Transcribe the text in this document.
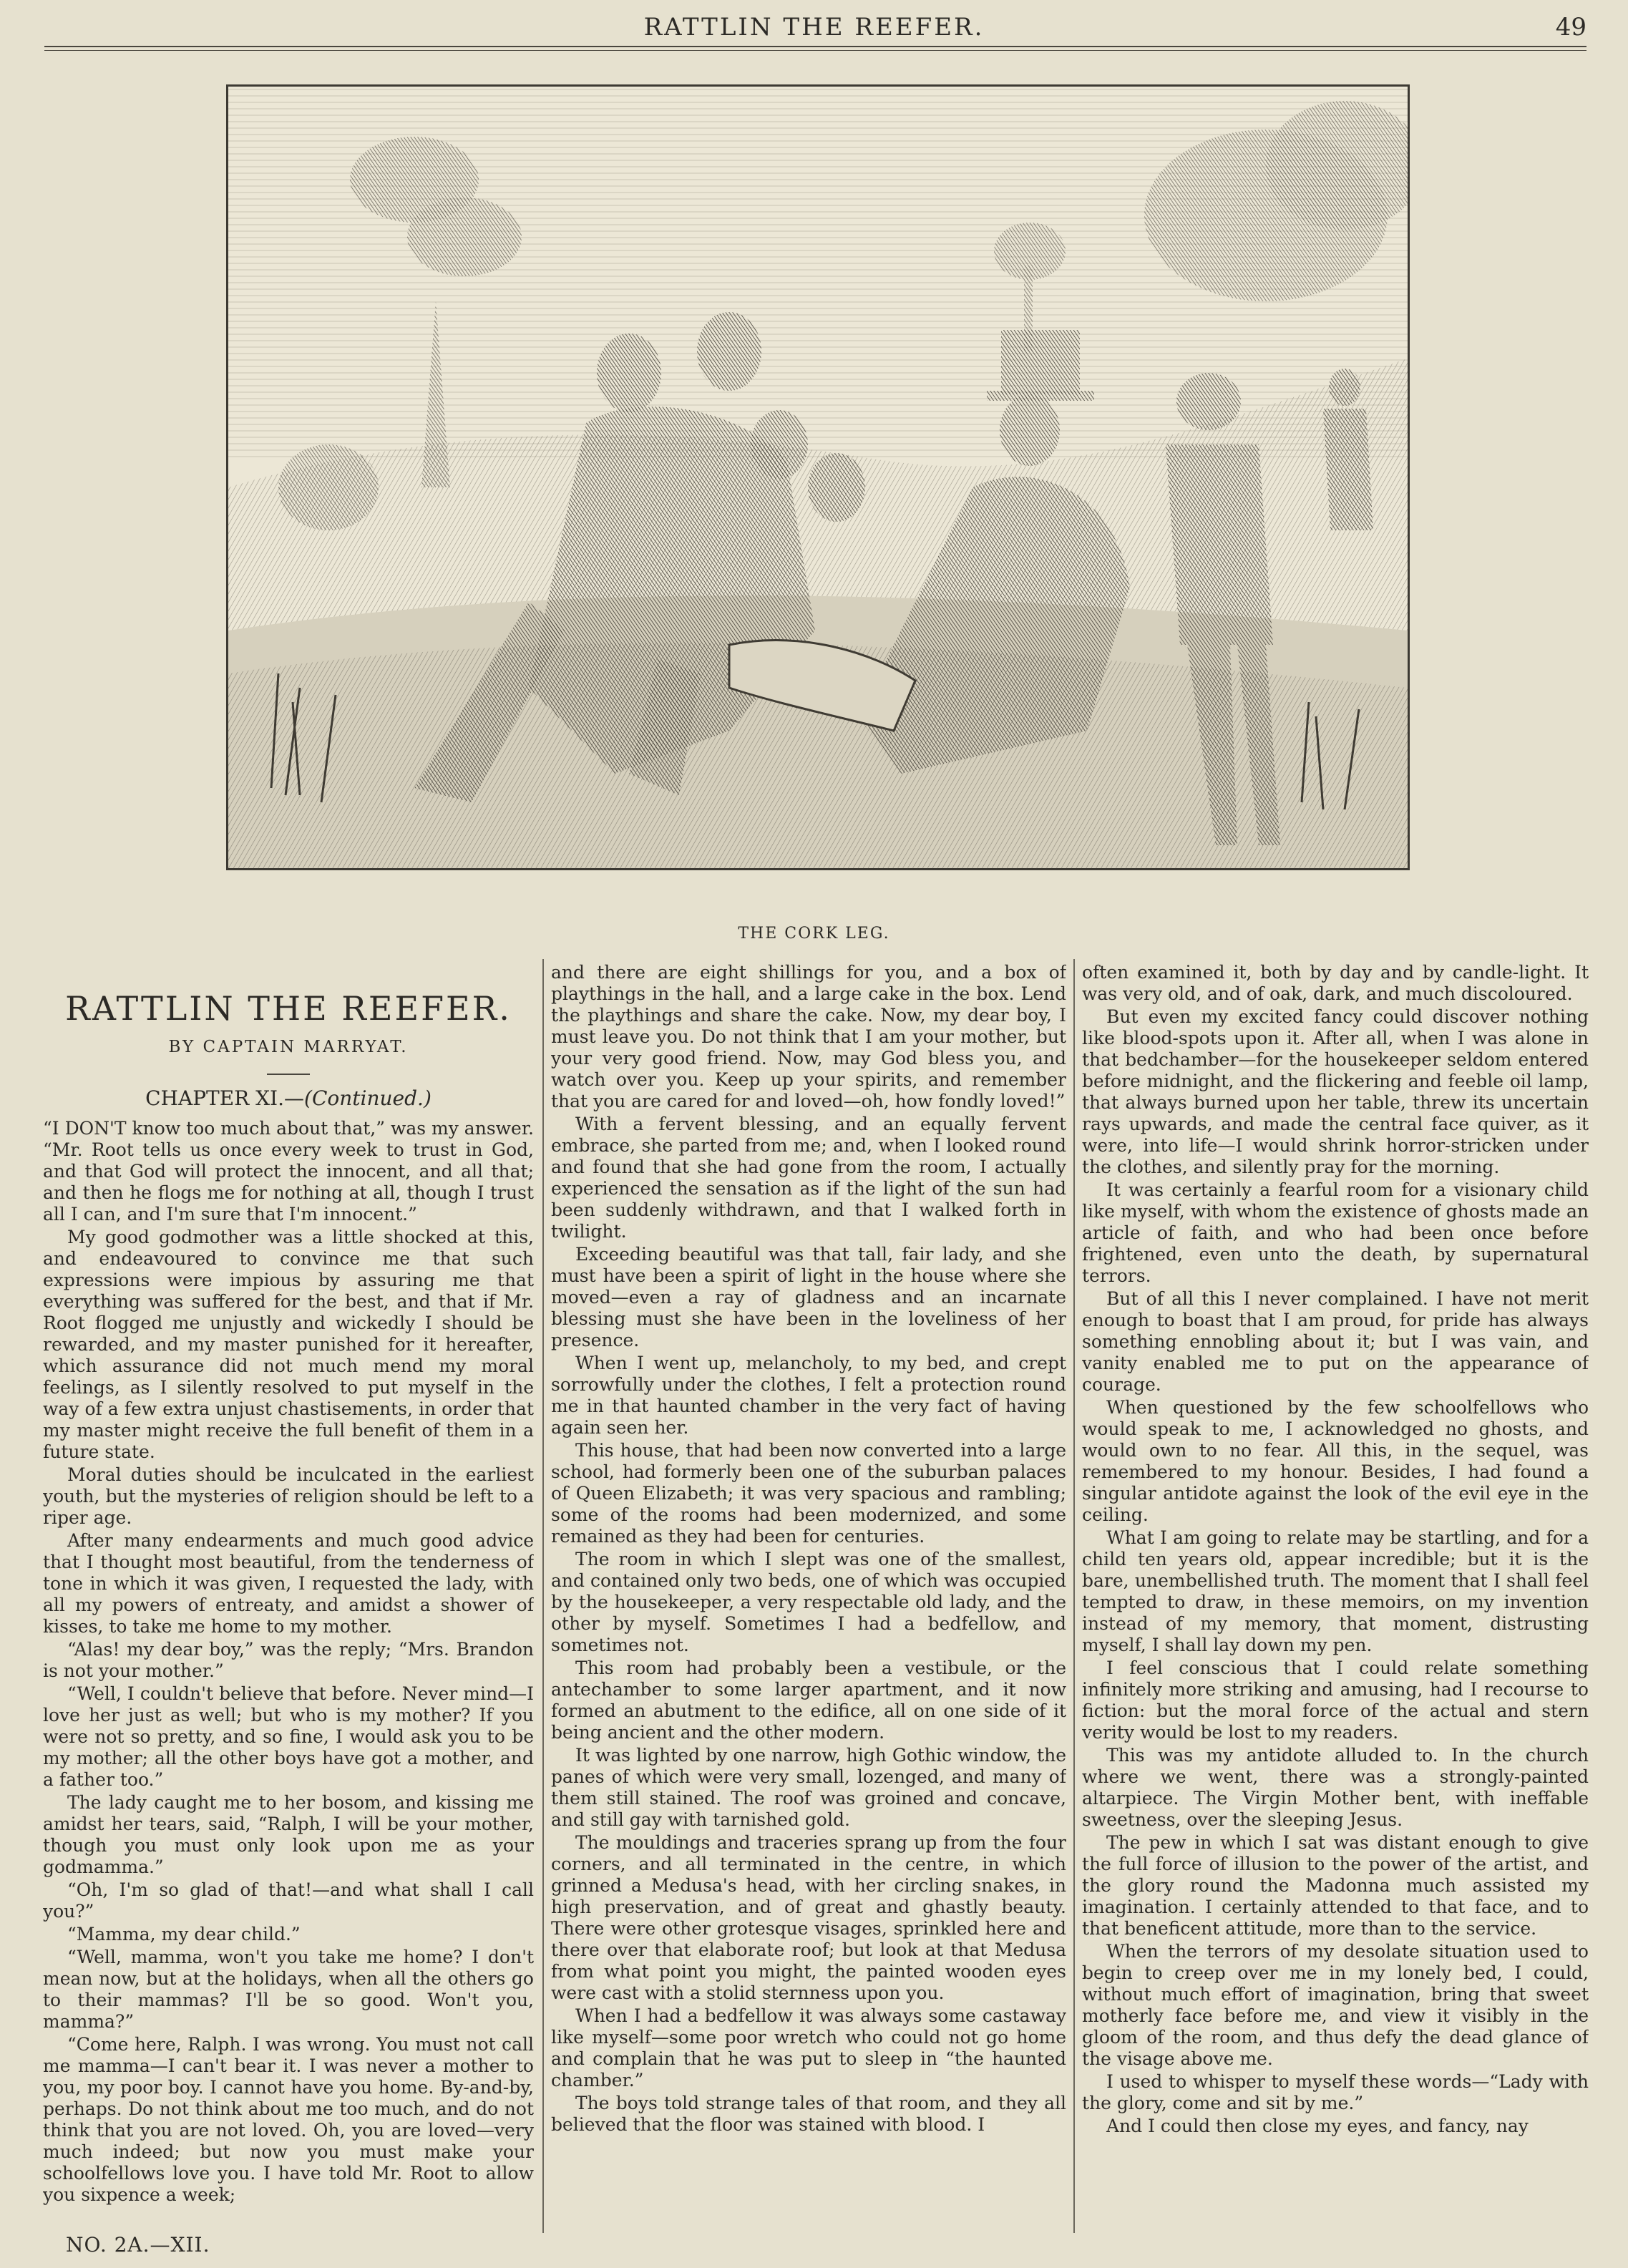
RATTLIN THE REEFER.	49
THE CORK LEG.
RATTLIN THE REEFER.
BY CAPTAIN MARRYAT.
CHAPTER XI.—(Continued.)

“I DON'T know too much about that,” was my answer. “Mr. Root tells us once every week to trust in God, and that God will protect the innocent, and all that; and then he flogs me for nothing at all, though I trust all I can, and I'm sure that I'm innocent.”

My good godmother was a little shocked at this, and endeavoured to convince me that such expressions were impious by assuring me that everything was suffered for the best, and that if Mr. Root flogged me unjustly and wickedly I should be rewarded, and my master punished for it hereafter, which assurance did not much mend my moral feelings, as I silently resolved to put myself in the way of a few extra unjust chastisements, in order that my master might receive the full benefit of them in a future state.

Moral duties should be inculcated in the earliest youth, but the mysteries of religion should be left to a riper age.

After many endearments and much good advice that I thought most beautiful, from the tenderness of tone in which it was given, I requested the lady, with all my powers of entreaty, and amidst a shower of kisses, to take me home to my mother.

“Alas! my dear boy,” was the reply; “Mrs. Brandon is not your mother.”

“Well, I couldn't believe that before. Never mind—I love her just as well; but who is my mother? If you were not so pretty, and so fine, I would ask you to be my mother; all the other boys have got a mother, and a father too.”

The lady caught me to her bosom, and kissing me amidst her tears, said, “Ralph, I will be your mother, though you must only look upon me as your godmamma.”

“Oh, I'm so glad of that!—and what shall I call you?”

“Mamma, my dear child.”

“Well, mamma, won't you take me home? I don't mean now, but at the holidays, when all the others go to their mammas? I'll be so good. Won't you, mamma?”

“Come here, Ralph. I was wrong. You must not call me mamma—I can't bear it. I was never a mother to you, my poor boy. I cannot have you home. By-and-by, perhaps. Do not think about me too much, and do not think that you are not loved. Oh, you are loved—very much indeed; but now you must make your schoolfellows love you. I have told Mr. Root to allow you sixpence a week;

and there are eight shillings for you, and a box of playthings in the hall, and a large cake in the box. Lend the playthings and share the cake. Now, my dear boy, I must leave you. Do not think that I am your mother, but your very good friend. Now, may God bless you, and watch over you. Keep up your spirits, and remember that you are cared for and loved—oh, how fondly loved!”

With a fervent blessing, and an equally fervent embrace, she parted from me; and, when I looked round and found that she had gone from the room, I actually experienced the sensation as if the light of the sun had been suddenly withdrawn, and that I walked forth in twilight.

Exceeding beautiful was that tall, fair lady, and she must have been a spirit of light in the house where she moved—even a ray of gladness and an incarnate blessing must she have been in the loveliness of her presence.

When I went up, melancholy, to my bed, and crept sorrowfully under the clothes, I felt a protection round me in that haunted chamber in the very fact of having again seen her.

This house, that had been now converted into a large school, had formerly been one of the suburban palaces of Queen Elizabeth; it was very spacious and rambling; some of the rooms had been modernized, and some remained as they had been for centuries.

The room in which I slept was one of the smallest, and contained only two beds, one of which was occupied by the housekeeper, a very respectable old lady, and the other by myself. Sometimes I had a bedfellow, and sometimes not.

This room had probably been a vestibule, or the antechamber to some larger apartment, and it now formed an abutment to the edifice, all on one side of it being ancient and the other modern.

It was lighted by one narrow, high Gothic window, the panes of which were very small, lozenged, and many of them still stained. The roof was groined and concave, and still gay with tarnished gold.

The mouldings and traceries sprang up from the four corners, and all terminated in the centre, in which grinned a Medusa's head, with her circling snakes, in high preservation, and of great and ghastly beauty. There were other grotesque visages, sprinkled here and there over that elaborate roof; but look at that Medusa from what point you might, the painted wooden eyes were cast with a stolid sternness upon you.

When I had a bedfellow it was always some castaway like myself—some poor wretch who could not go home and complain that he was put to sleep in “the haunted chamber.”

The boys told strange tales of that room, and they all believed that the floor was stained with blood. I

often examined it, both by day and by candle-light. It was very old, and of oak, dark, and much discoloured.

But even my excited fancy could discover nothing like blood-spots upon it. After all, when I was alone in that bedchamber—for the housekeeper seldom entered before midnight, and the flickering and feeble oil lamp, that always burned upon her table, threw its uncertain rays upwards, and made the central face quiver, as it were, into life—I would shrink horror-stricken under the clothes, and silently pray for the morning.

It was certainly a fearful room for a visionary child like myself, with whom the existence of ghosts made an article of faith, and who had been once before frightened, even unto the death, by supernatural terrors.

But of all this I never complained. I have not merit enough to boast that I am proud, for pride has always something ennobling about it; but I was vain, and vanity enabled me to put on the appearance of courage.

When questioned by the few schoolfellows who would speak to me, I acknowledged no ghosts, and would own to no fear. All this, in the sequel, was remembered to my honour. Besides, I had found a singular antidote against the look of the evil eye in the ceiling.

What I am going to relate may be startling, and for a child ten years old, appear incredible; but it is the bare, unembellished truth. The moment that I shall feel tempted to draw, in these memoirs, on my invention instead of my memory, that moment, distrusting myself, I shall lay down my pen.

I feel conscious that I could relate something infinitely more striking and amusing, had I recourse to fiction: but the moral force of the actual and stern verity would be lost to my readers.

This was my antidote alluded to. In the church where we went, there was a strongly-painted altarpiece. The Virgin Mother bent, with ineffable sweetness, over the sleeping Jesus.

The pew in which I sat was distant enough to give the full force of illusion to the power of the artist, and the glory round the Madonna much assisted my imagination. I certainly attended to that face, and to that beneficent attitude, more than to the service.

When the terrors of my desolate situation used to begin to creep over me in my lonely bed, I could, without much effort of imagination, bring that sweet motherly face before me, and view it visibly in the gloom of the room, and thus defy the dead glance of the visage above me.

I used to whisper to myself these words—“Lady with the glory, come and sit by me.”

And I could then close my eyes, and fancy, nay

NO. 2A.—XII.
